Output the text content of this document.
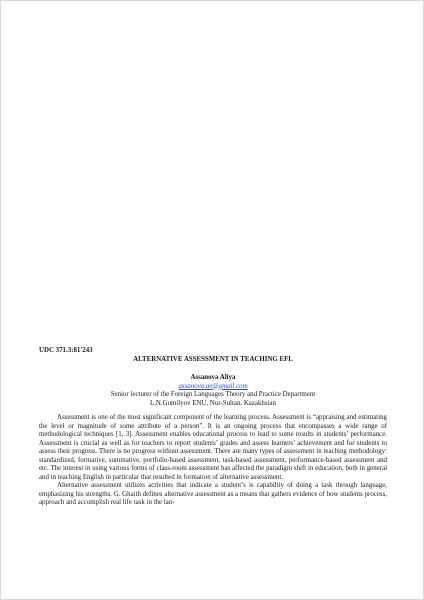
UDC 371.3:81'243

ALTERNATIVE ASSESSMENT IN TEACHING EFL

Assanova Aliya

assanova.ae@gmail.com

Senior lecturer of the Foreign Languages Theory and Practice Department

L.N.Gumilyov ENU, Nur-Sultan, Kazakhstan

Assessment is one of the most significant component of the learning process. Assessment is “appraising and estimating the level or magnitude of some attribute of a person”. It is an ongoing process that encompasses a wide range of methodological techniques [1, 3]. Assessment enables educational process to lead to some results in students’ performance. Assessment is crucial as well as for teachers to report students’ grades and assess learners’ achievement and for students to assess their progress. There is no progress without assessment. There are many types of assessment in teaching methodology: standardized, formative, summative, portfolio-based assessment, task-based assessment, performance-based assessment and etc. The interest in using various forms of class-room assessment has affected the paradigm shift in education, both in general and in teaching English in particular that resulted in formation of alternative assessment.

Alternative assessment utilizes activities that indicate a student’s is capability of doing a task through language, emphasizing his strengths. G. Ghaith defines alternative assessment as a means that gathers evidence of how students process, approach and accomplish real life task in the lan-
